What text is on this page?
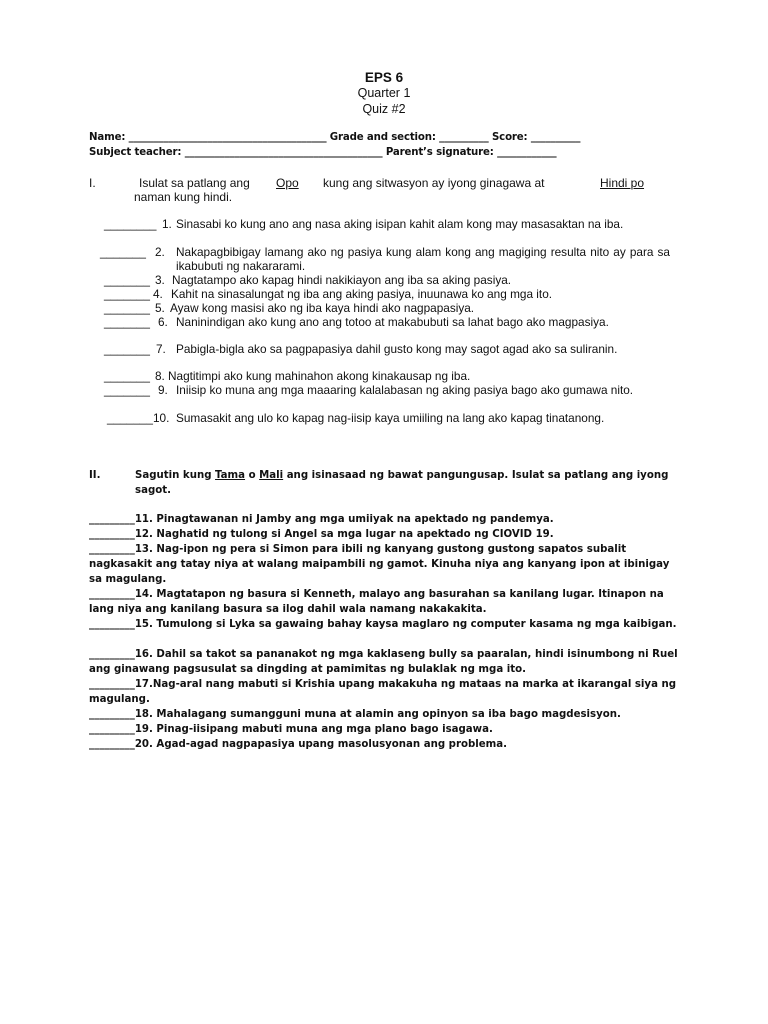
EPS 6
Quarter 1
Quiz #2
Name: ________________________________________ Grade and section: __________ Score: __________
Subject teacher: ________________________________________ Parent’s signature: ____________
I.	Isulat sa patlang ang Opo kung ang sitwasyon ay iyong ginagawa at	Hindi po
naman kung hindi.
________ 1. Sinasabi ko kung ano ang nasa aking isipan kahit alam kong may masasaktan na iba.
_______ 2. Nakapagbibigay lamang ako ng pasiya kung alam kong ang magiging resulta nito ay para sa ikabubuti ng nakararami.
_______ 3. Nagtatampo ako kapag hindi nakikiayon ang iba sa aking pasiya.
_______ 4. Kahit na sinasalungat ng iba ang aking pasiya, inuunawa ko ang mga ito.
_______ 5. Ayaw kong masisi ako ng iba kaya hindi ako nagpapasiya.
_______ 6. Naninindigan ako kung ano ang totoo at makabubuti sa lahat bago ako magpasiya.
_______ 7. Pabigla-bigla ako sa pagpapasiya dahil gusto kong may sagot agad ako sa suliranin.
_______ 8. Nagtitimpi ako kung mahinahon akong kinakausap ng iba.
_______ 9. Iniisip ko muna ang mga maaaring kalalabasan ng aking pasiya bago ako gumawa nito.
_______ 10. Sumasakit ang ulo ko kapag nag-iisip kaya umiiling na lang ako kapag tinatanong.
II.	Sagutin kung Tama o Mali ang isinasaad ng bawat pangungusap. Isulat sa patlang ang iyong sagot.
_________11. Pinagtawanan ni Jamby ang mga umiiyak na apektado ng pandemya.
_________12. Naghatid ng tulong si Angel sa mga lugar na apektado ng CIOVID 19.
_________13. Nag-ipon ng pera si Simon para ibili ng kanyang gustong gustong sapatos subalit nagkasakit ang tatay niya at walang maipambili ng gamot. Kinuha niya ang kanyang ipon at ibinigay sa magulang.
_________14. Magtatapon ng basura si Kenneth, malayo ang basurahan sa kanilang lugar. Itinapon na lang niya ang kanilang basura sa ilog dahil wala namang nakakakita.
_________15. Tumulong si Lyka sa gawaing bahay kaysa maglaro ng computer kasama ng mga kaibigan.
_________16. Dahil sa takot sa pananakot ng mga kaklaseng bully sa paaralan, hindi isinumbong ni Ruel ang ginawang pagsusulat sa dingding at pamimitas ng bulaklak ng mga ito.
_________17.Nag-aral nang mabuti si Krishia upang makakuha ng mataas na marka at ikarangal siya ng magulang.
_________18. Mahalagang sumangguni muna at alamin ang opinyon sa iba bago magdesisyon.
_________19. Pinag-iisipang mabuti muna ang mga plano bago isagawa.
_________20. Agad-agad nagpapasiya upang masolusyonan ang problema.
